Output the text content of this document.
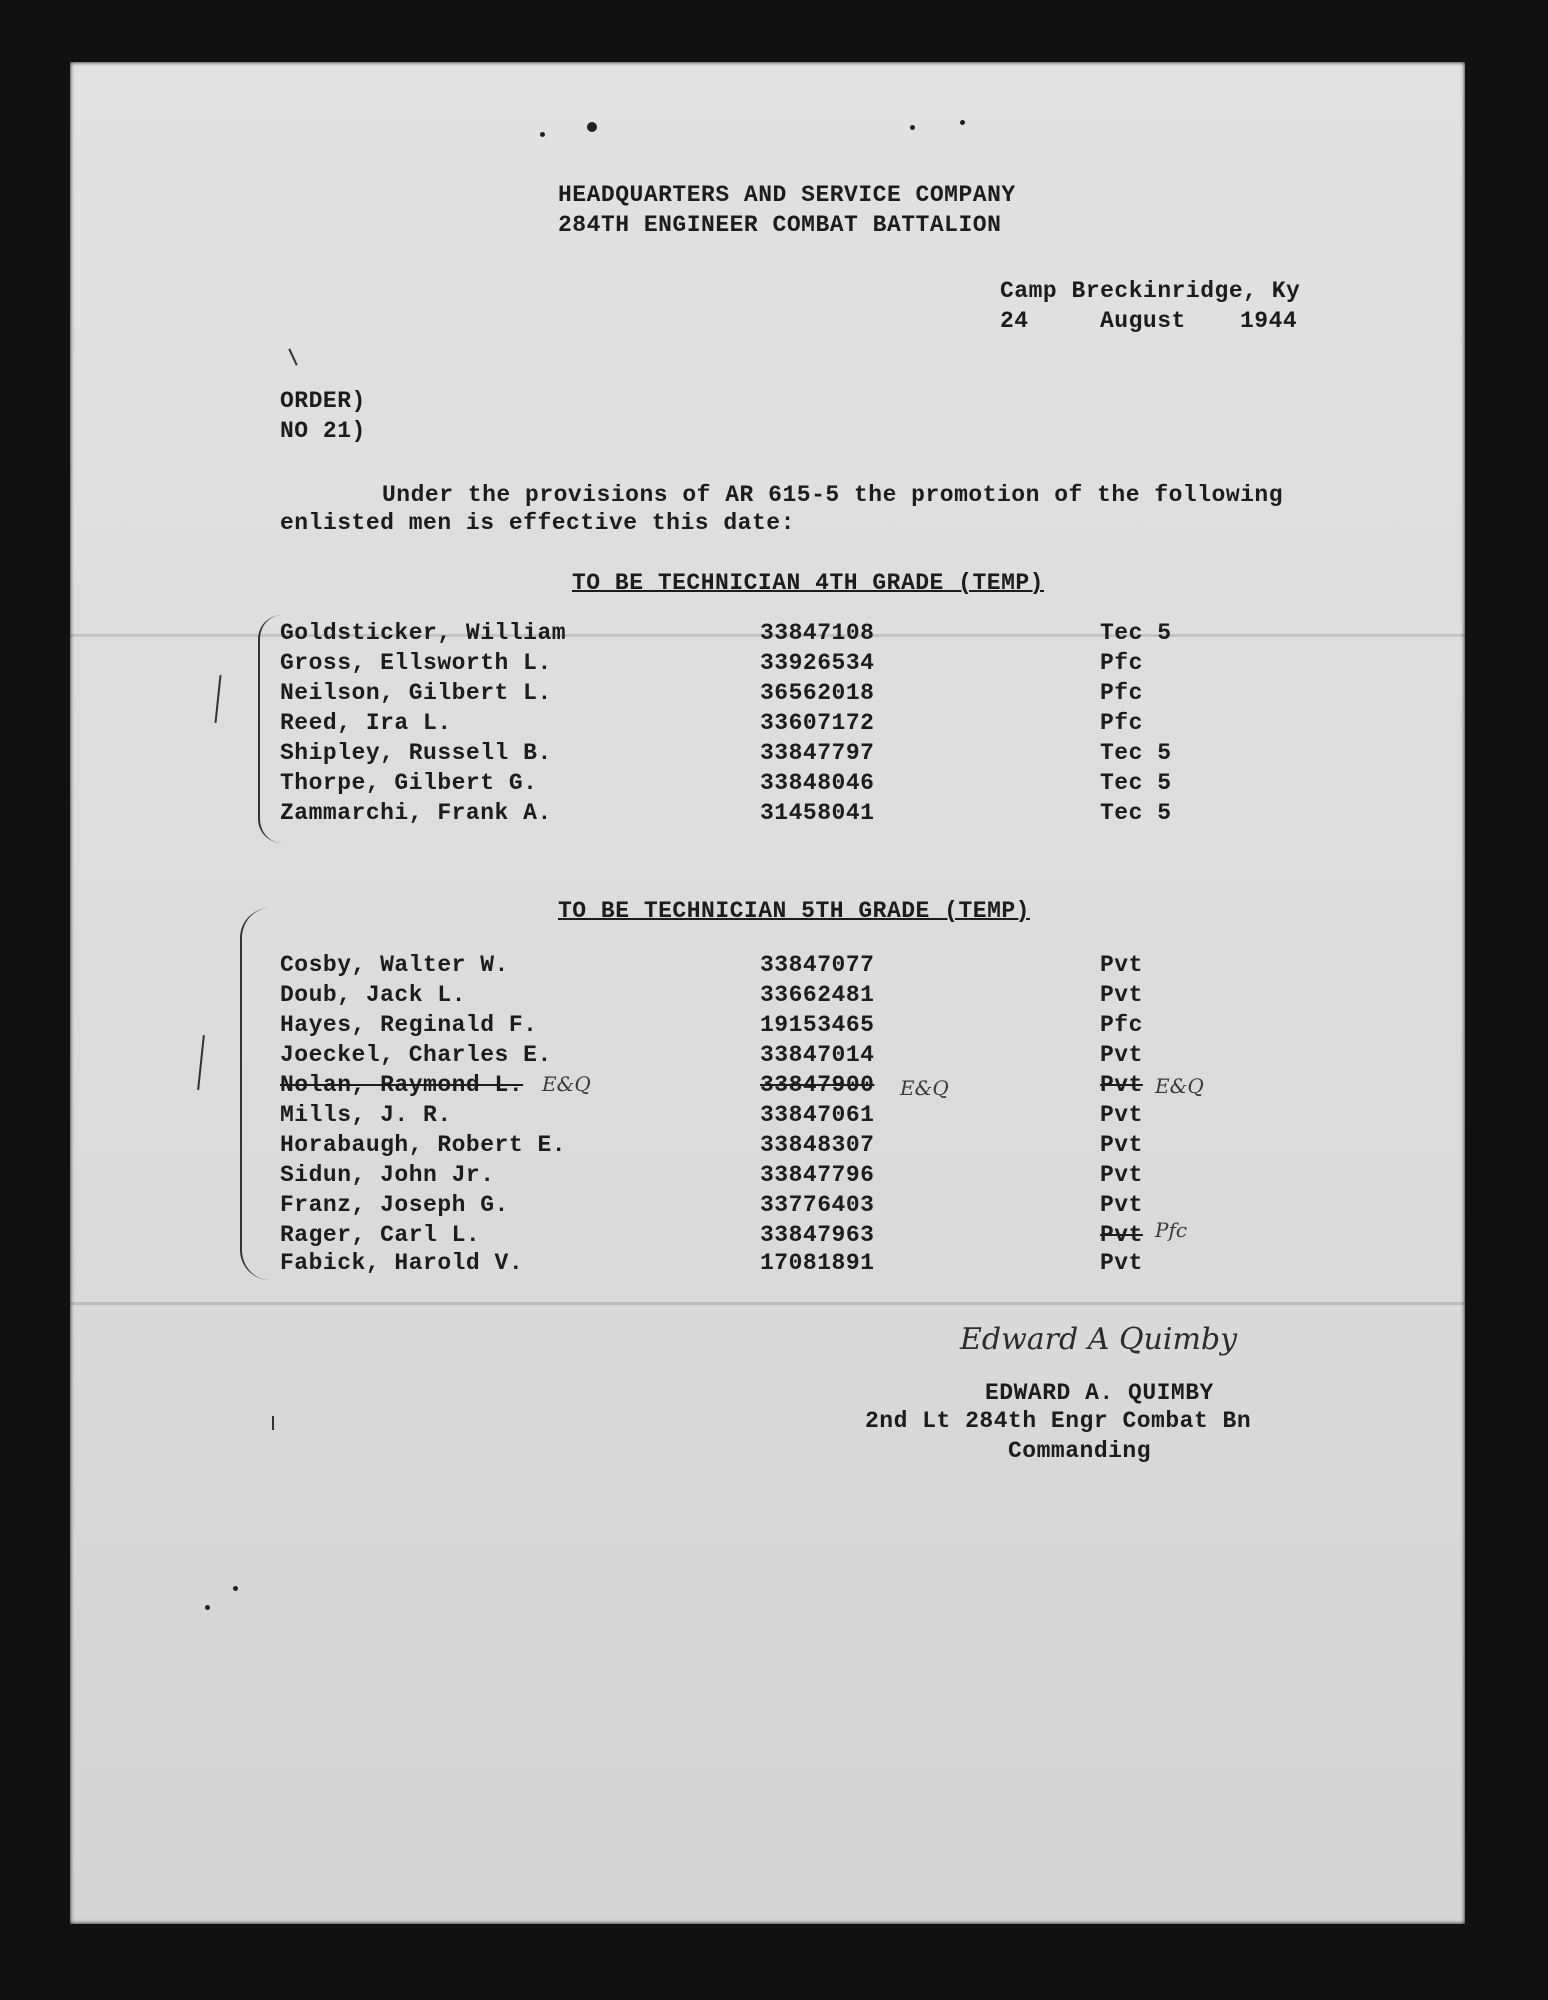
HEADQUARTERS AND SERVICE COMPANY
284TH ENGINEER COMBAT BATTALION
Camp Breckinridge, Ky
24	August 1944
ORDER)
NO 21)
Under the provisions of AR 615-5 the promotion of the following
enlisted men is effective this date:
TO BE TECHNICIAN 4TH GRADE (TEMP)
Goldsticker, William	33847108	Tec 5
Gross, Ellsworth L.	33926534	Pfc
Neilson, Gilbert L.	36562018	Pfc
Reed, Ira L.	33607172	Pfc
Shipley, Russell B.	33847797	Tec 5
Thorpe, Gilbert G.	33848046	Tec 5
Zammarchi, Frank A.	31458041	Tec 5
TO BE TECHNICIAN 5TH GRADE (TEMP)
Cosby, Walter W.	33847077	Pvt
Doub, Jack L.	33662481	Pvt
Hayes, Reginald F.	19153465	Pfc
Joeckel, Charles E.	33847014	Pvt
Nolan, Raymond L. E&Q	33847900 E&Q	Pvt E&Q
Mills, J. R.	33847061	Pvt
Horabaugh, Robert E.	33848307	Pvt
Sidun, John Jr.	33847796	Pvt
Franz, Joseph G.	33776403	Pvt
Rager, Carl L.	33847963	Pvt Pfc
Fabick, Harold V.	17081891	Pvt
Edward A Quimby
EDWARD A. QUIMBY
2nd Lt 284th Engr Combat Bn
Commanding
